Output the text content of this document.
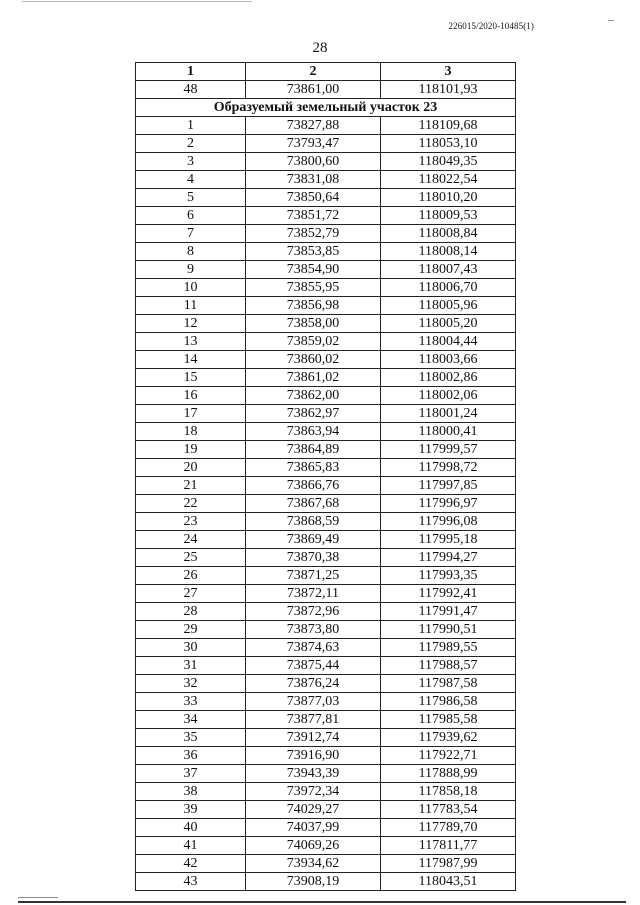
226015/2020-10485(1)
28
1	2	3
48	73861,00	118101,93
Образуемый земельный участок 23		
1	73827,88	118109,68
2	73793,47	118053,10
3	73800,60	118049,35
4	73831,08	118022,54
5	73850,64	118010,20
6	73851,72	118009,53
7	73852,79	118008,84
8	73853,85	118008,14
9	73854,90	118007,43
10	73855,95	118006,70
11	73856,98	118005,96
12	73858,00	118005,20
13	73859,02	118004,44
14	73860,02	118003,66
15	73861,02	118002,86
16	73862,00	118002,06
17	73862,97	118001,24
18	73863,94	118000,41
19	73864,89	117999,57
20	73865,83	117998,72
21	73866,76	117997,85
22	73867,68	117996,97
23	73868,59	117996,08
24	73869,49	117995,18
25	73870,38	117994,27
26	73871,25	117993,35
27	73872,11	117992,41
28	73872,96	117991,47
29	73873,80	117990,51
30	73874,63	117989,55
31	73875,44	117988,57
32	73876,24	117987,58
33	73877,03	117986,58
34	73877,81	117985,58
35	73912,74	117939,62
36	73916,90	117922,71
37	73943,39	117888,99
38	73972,34	117858,18
39	74029,27	117783,54
40	74037,99	117789,70
41	74069,26	117811,77
42	73934,62	117987,99
43	73908,19	118043,51
